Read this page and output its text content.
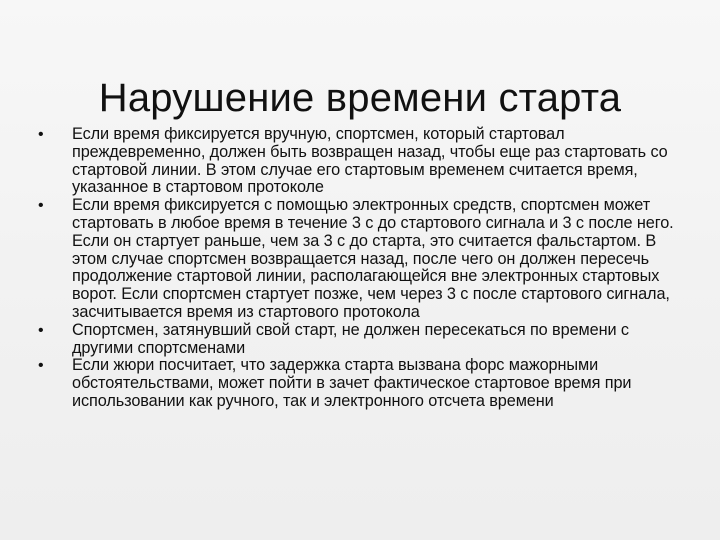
Нарушение времени старта
•	Если время фиксируется вручную, спортсмен, который стартовал преждевременно, должен быть возвращен назад, чтобы еще раз стартовать со стартовой линии. В этом случае его стартовым временем считается время, указанное в стартовом протоколе
•	Если время фиксируется с помощью электронных средств, спортсмен может стартовать в любое время в течение 3 с до стартового сигнала и 3 с после него. Если он стартует раньше, чем за 3 с до старта, это считается фальстартом. В этом случае спортсмен возвращается назад, после чего он должен пересечь продолжение стартовой линии, располагающейся вне электронных стартовых ворот. Если спортсмен стартует позже, чем через 3 с после стартового сигнала, засчитывается время из стартового протокола
•	Спортсмен, затянувший свой старт, не должен пересекаться по времени с другими спортсменами
•	Если жюри посчитает, что задержка старта вызвана форс мажорными обстоятельствами, может пойти в зачет фактическое стартовое время при использовании как ручного, так и электронного отсчета времени
